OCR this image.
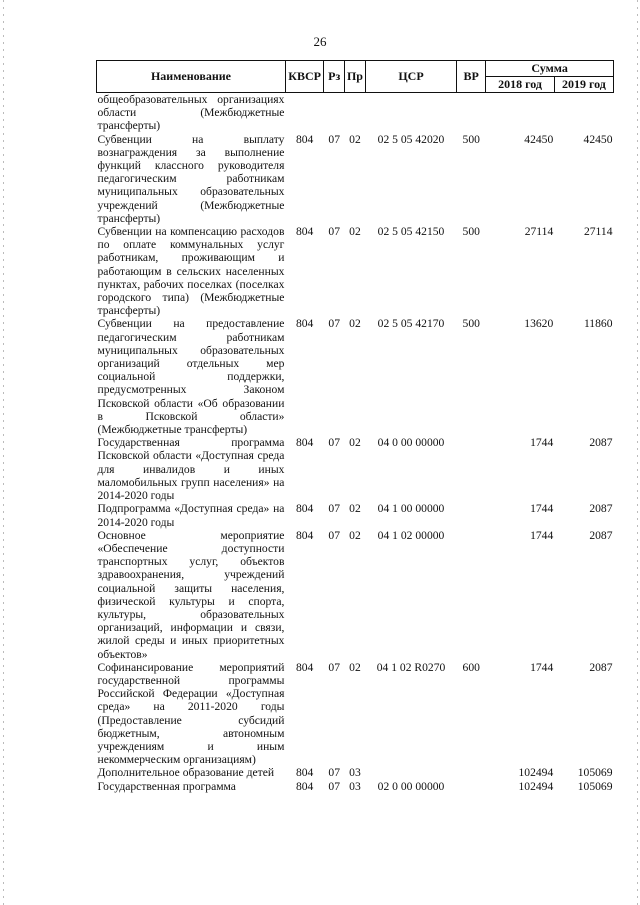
26
Наименование	КВСР	Рз	Пр	ЦСР	ВР	Сумма	
						2018 год	2019 год
общеобразовательных организациях области (Межбюджетные трансферты)							
Субвенции на выплату вознаграждения за выполнение функций классного руководителя педагогическим работникам муниципальных образовательных учреждений (Межбюджетные трансферты)	804	07	02	02 5 05 42020	500	42450	42450
Субвенции на компенсацию расходов по оплате коммунальных услуг работникам, проживающим и работающим в сельских населенных пунктах, рабочих поселках (поселках городского типа) (Межбюджетные трансферты)	804	07	02	02 5 05 42150	500	27114	27114
Субвенции на предоставление педагогическим работникам муниципальных образовательных организаций отдельных мер социальной поддержки, предусмотренных Законом Псковской области «Об образовании в Псковской области» (Межбюджетные трансферты)	804	07	02	02 5 05 42170	500	13620	11860
Государственная программа Псковской области «Доступная среда для инвалидов и иных маломобильных групп населения» на 2014-2020 годы	804	07	02	04 0 00 00000		1744	2087
Подпрограмма «Доступная среда» на 2014-2020 годы	804	07	02	04 1 00 00000		1744	2087
Основное мероприятие «Обеспечение доступности транспортных услуг, объектов здравоохранения, учреждений социальной защиты населения, физической культуры и спорта, культуры, образовательных организаций, информации и связи, жилой среды и иных приоритетных объектов»	804	07	02	04 1 02 00000		1744	2087
Софинансирование мероприятий государственной программы Российской Федерации «Доступная среда» на 2011-2020 годы (Предоставление субсидий бюджетным, автономным учреждениям и иным некоммерческим организациям)	804	07	02	04 1 02 R0270	600	1744	2087
Дополнительное образование детей	804	07	03			102494	105069
Государственная программа	804	07	03	02 0 00 00000		102494	105069
